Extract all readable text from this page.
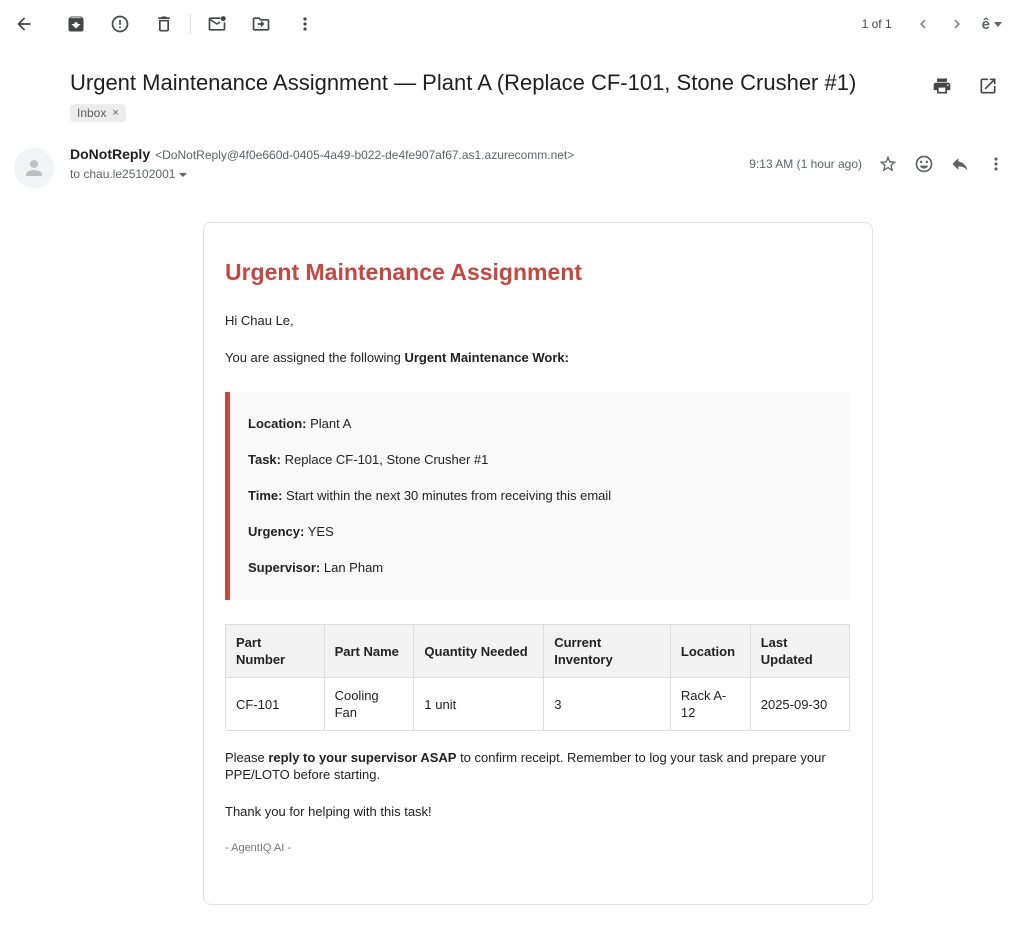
1 of 1	ê
Urgent Maintenance Assignment — Plant A (Replace CF-101, Stone Crusher #1)
Inbox ×
DoNotReply <DoNotReply@4f0e660d-0405-4a49-b022-de4fe907af67.as1.azurecomm.net>
to chau.le25102001
9:13 AM (1 hour ago)
Urgent Maintenance Assignment

Hi Chau Le,

You are assigned the following Urgent Maintenance Work:

Location: Plant A

Task: Replace CF-101, Stone Crusher #1

Time: Start within the next 30 minutes from receiving this email

Urgency: YES

Supervisor: Lan Pham

Part Number	Part Name	Quantity Needed	Current Inventory	Location	Last Updated
CF-101	Cooling Fan	1 unit	3	Rack A-12	2025-09-30

Please reply to your supervisor ASAP to confirm receipt. Remember to log your task and prepare your PPE/LOTO before starting.

Thank you for helping with this task!

- AgentIQ AI -
